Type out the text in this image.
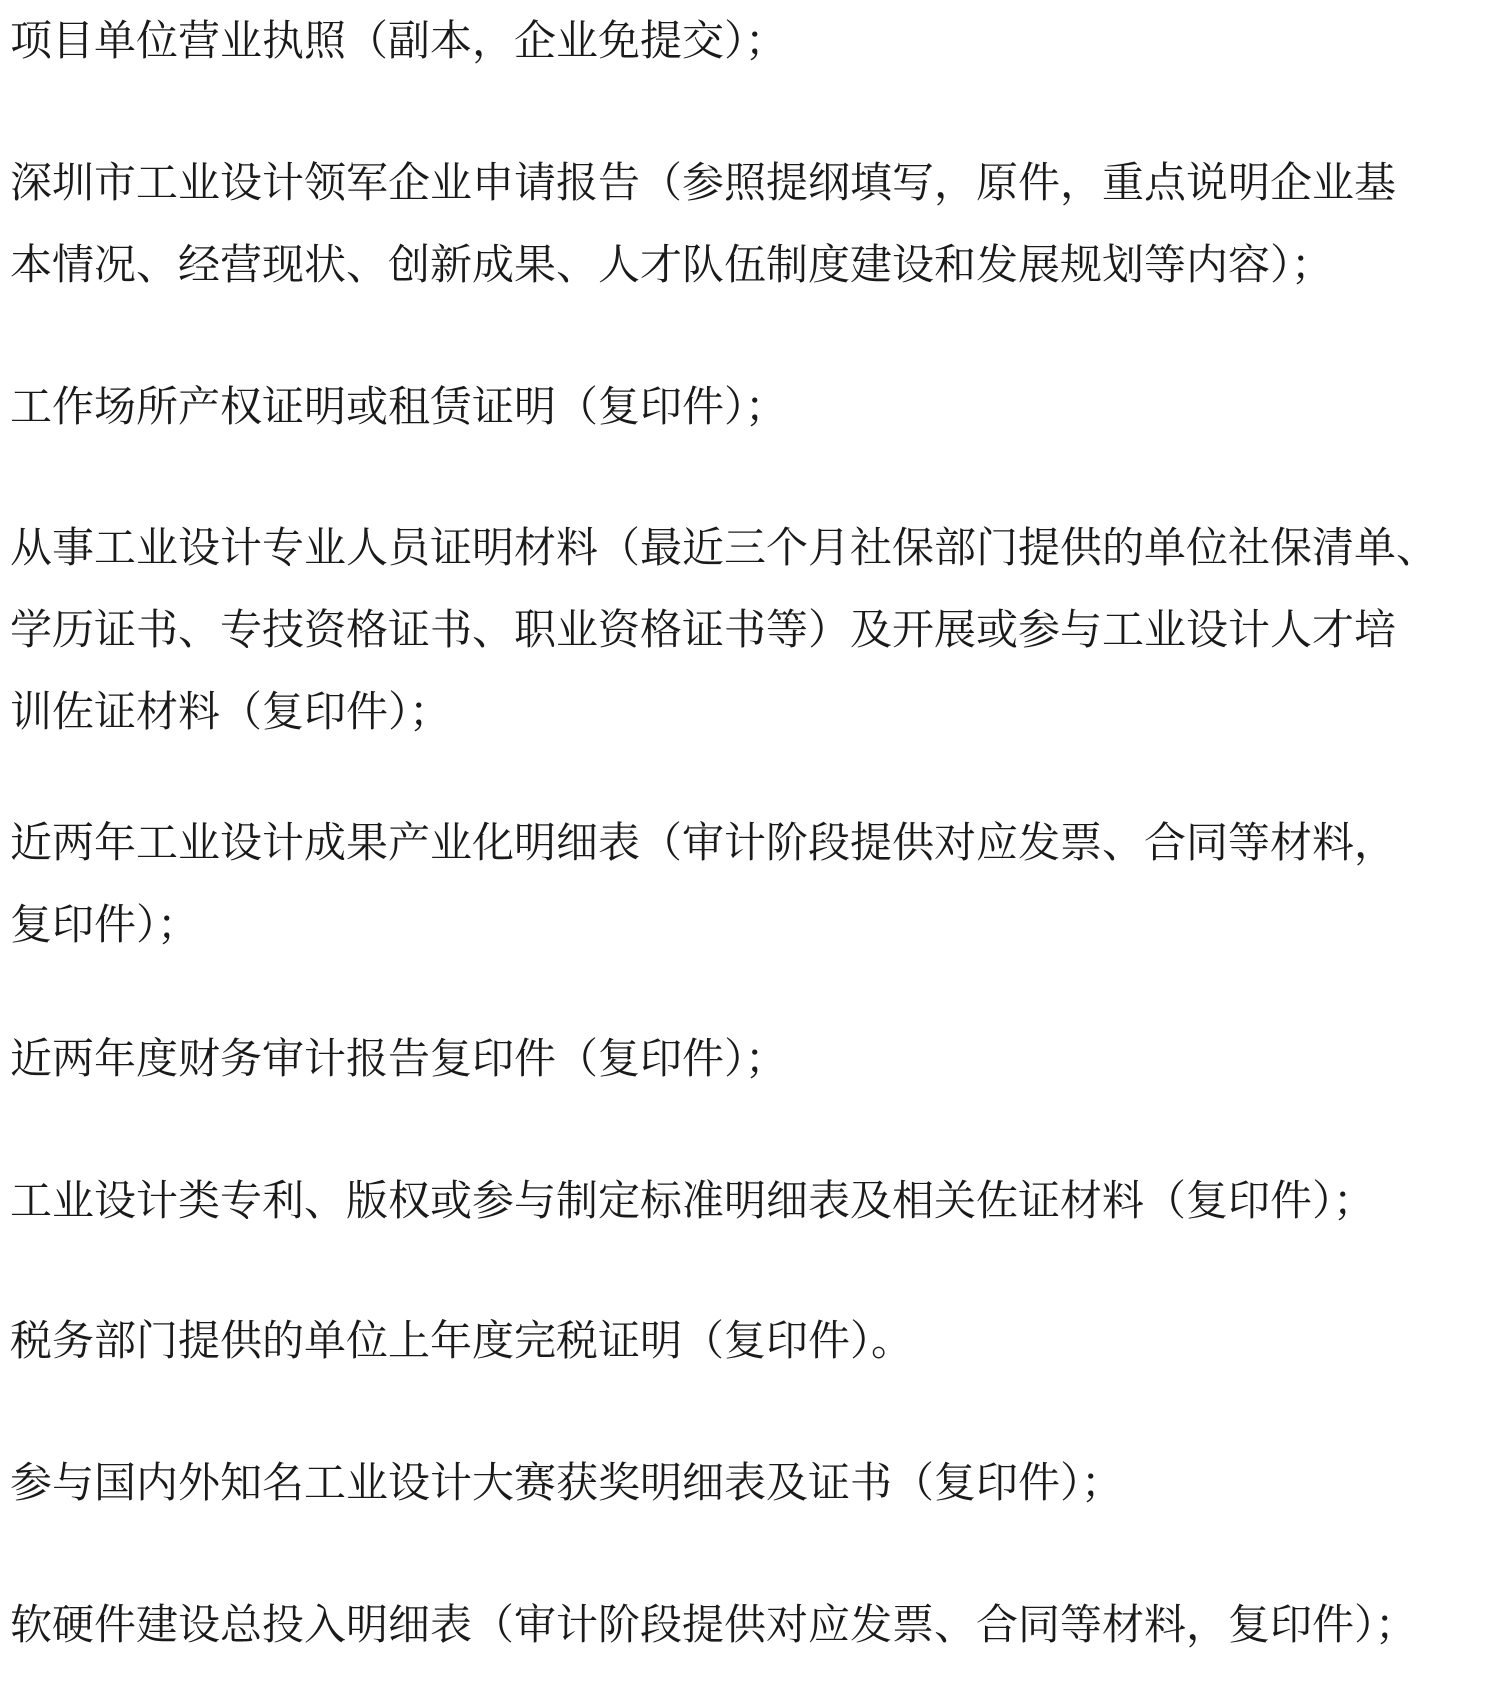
项目单位营业执照（副本，企业免提交）；

深圳市工业设计领军企业申请报告（参照提纲填写，原件，重点说明企业基
本情况、经营现状、创新成果、人才队伍制度建设和发展规划等内容）；

工作场所产权证明或租赁证明（复印件）；

从事工业设计专业人员证明材料（最近三个月社保部门提供的单位社保清单、
学历证书、专技资格证书、职业资格证书等）及开展或参与工业设计人才培
训佐证材料（复印件）；

近两年工业设计成果产业化明细表（审计阶段提供对应发票、合同等材料，
复印件）；

近两年度财务审计报告复印件（复印件）；

工业设计类专利、版权或参与制定标准明细表及相关佐证材料（复印件）；

税务部门提供的单位上年度完税证明（复印件）。

参与国内外知名工业设计大赛获奖明细表及证书（复印件）；

软硬件建设总投入明细表（审计阶段提供对应发票、合同等材料，复印件）；
